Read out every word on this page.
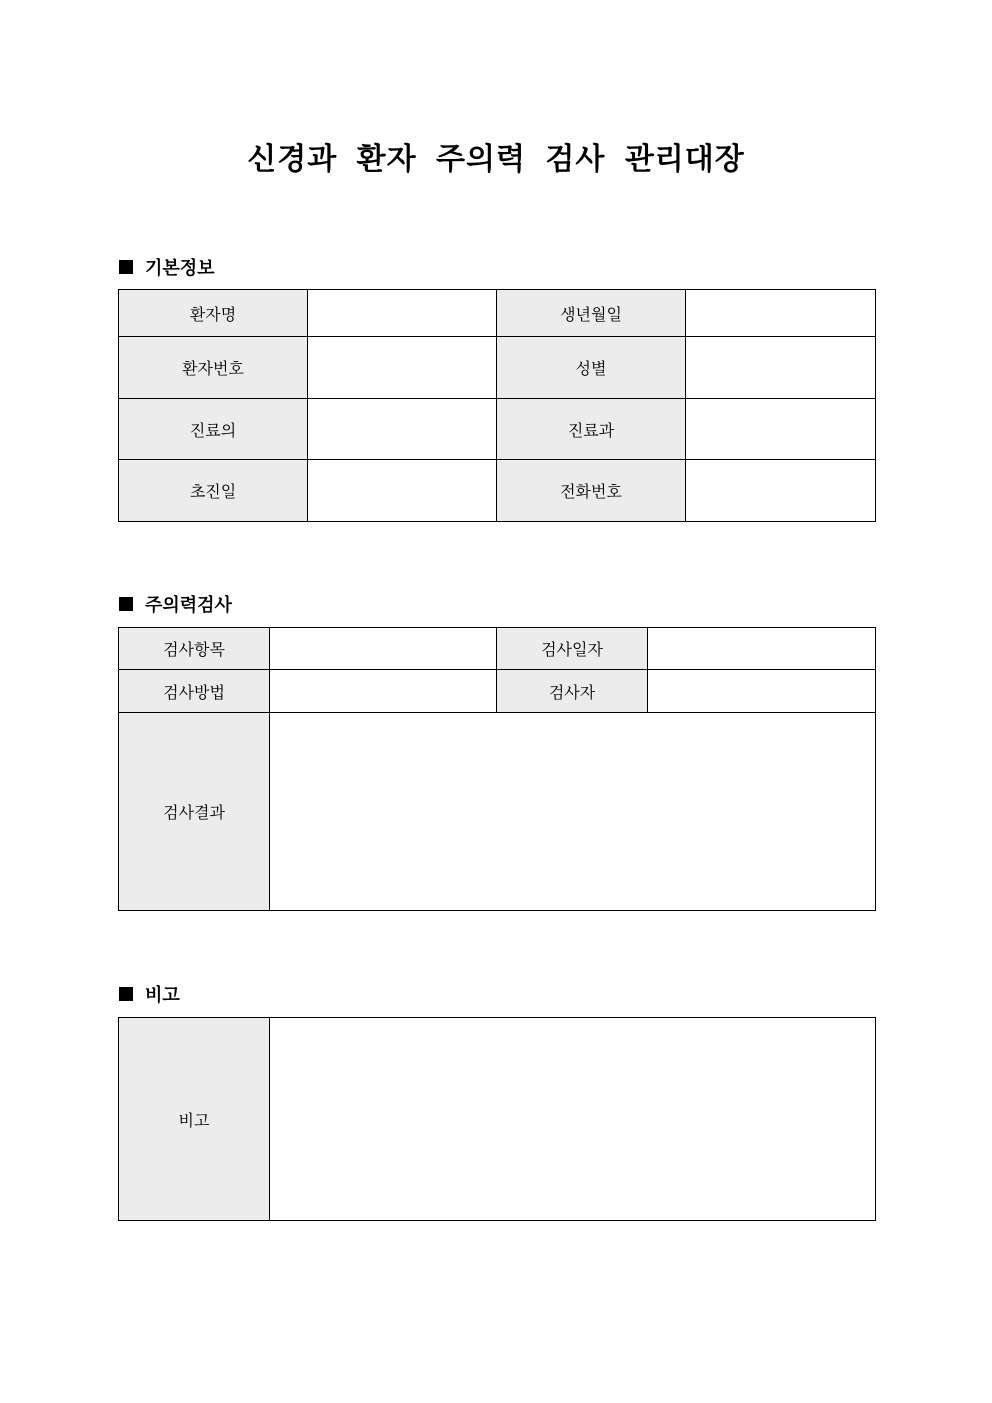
신경과 환자 주의력 검사 관리대장
기본정보
환자명		생년월일	
환자번호		성별	
진료의		진료과	
초진일		전화번호	
주의력검사
검사항목		검사일자	
검사방법		검사자	
검사결과			
비고
비고	
